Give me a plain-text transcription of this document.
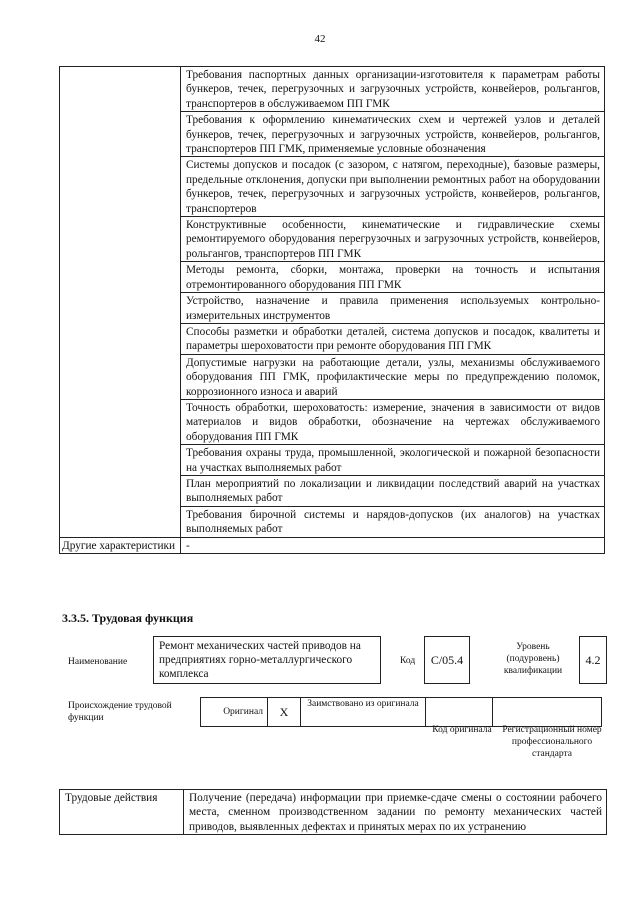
42
	Требования паспортных данных организации-изготовителя к параметрам работы бункеров, течек, перегрузочных и загрузочных устройств, конвейеров, рольгангов, транспортеров в обслуживаемом ПП ГМК
	Требования к оформлению кинематических схем и чертежей узлов и деталей бункеров, течек, перегрузочных и загрузочных устройств, конвейеров, рольгангов, транспортеров ПП ГМК, применяемые условные обозначения
	Системы допусков и посадок (с зазором, с натягом, переходные), базовые размеры, предельные отклонения, допуски при выполнении ремонтных работ на оборудовании бункеров, течек, перегрузочных и загрузочных устройств, конвейеров, рольгангов, транспортеров
	Конструктивные особенности, кинематические и гидравлические схемы ремонтируемого оборудования перегрузочных и загрузочных устройств, конвейеров, рольгангов, транспортеров ПП ГМК
	Методы ремонта, сборки, монтажа, проверки на точность и испытания отремонтированного оборудования ПП ГМК
	Устройство, назначение и правила применения используемых контрольно-измерительных инструментов
	Способы разметки и обработки деталей, система допусков и посадок, квалитеты и параметры шероховатости при ремонте оборудования ПП ГМК
	Допустимые нагрузки на работающие детали, узлы, механизмы обслуживаемого оборудования ПП ГМК, профилактические меры по предупреждению поломок, коррозионного износа и аварий
	Точность обработки, шероховатость: измерение, значения в зависимости от видов материалов и видов обработки, обозначение на чертежах обслуживаемого оборудования ПП ГМК
	Требования охраны труда, промышленной, экологической и пожарной безопасности на участках выполняемых работ
	План мероприятий по локализации и ликвидации последствий аварий на участках выполняемых работ
	Требования бирочной системы и нарядов-допусков (их аналогов) на участках выполняемых работ
Другие характеристики	-
3.3.5. Трудовая функция
Наименование
Ремонт механических частей приводов на предприятиях горно-металлургического комплекса
Код	C/05.4
Уровень (подуровень) квалификации
4.2
Происхождение трудовой функции
Оригинал	X	Заимствовано из оригинала		
Код оригинала	Регистрационный номер профессионального стандарта
Трудовые действия	Получение (передача) информации при приемке-сдаче смены о состоянии рабочего места, сменном производственном задании по ремонту механических частей приводов, выявленных дефектах и принятых мерах по их устранению
